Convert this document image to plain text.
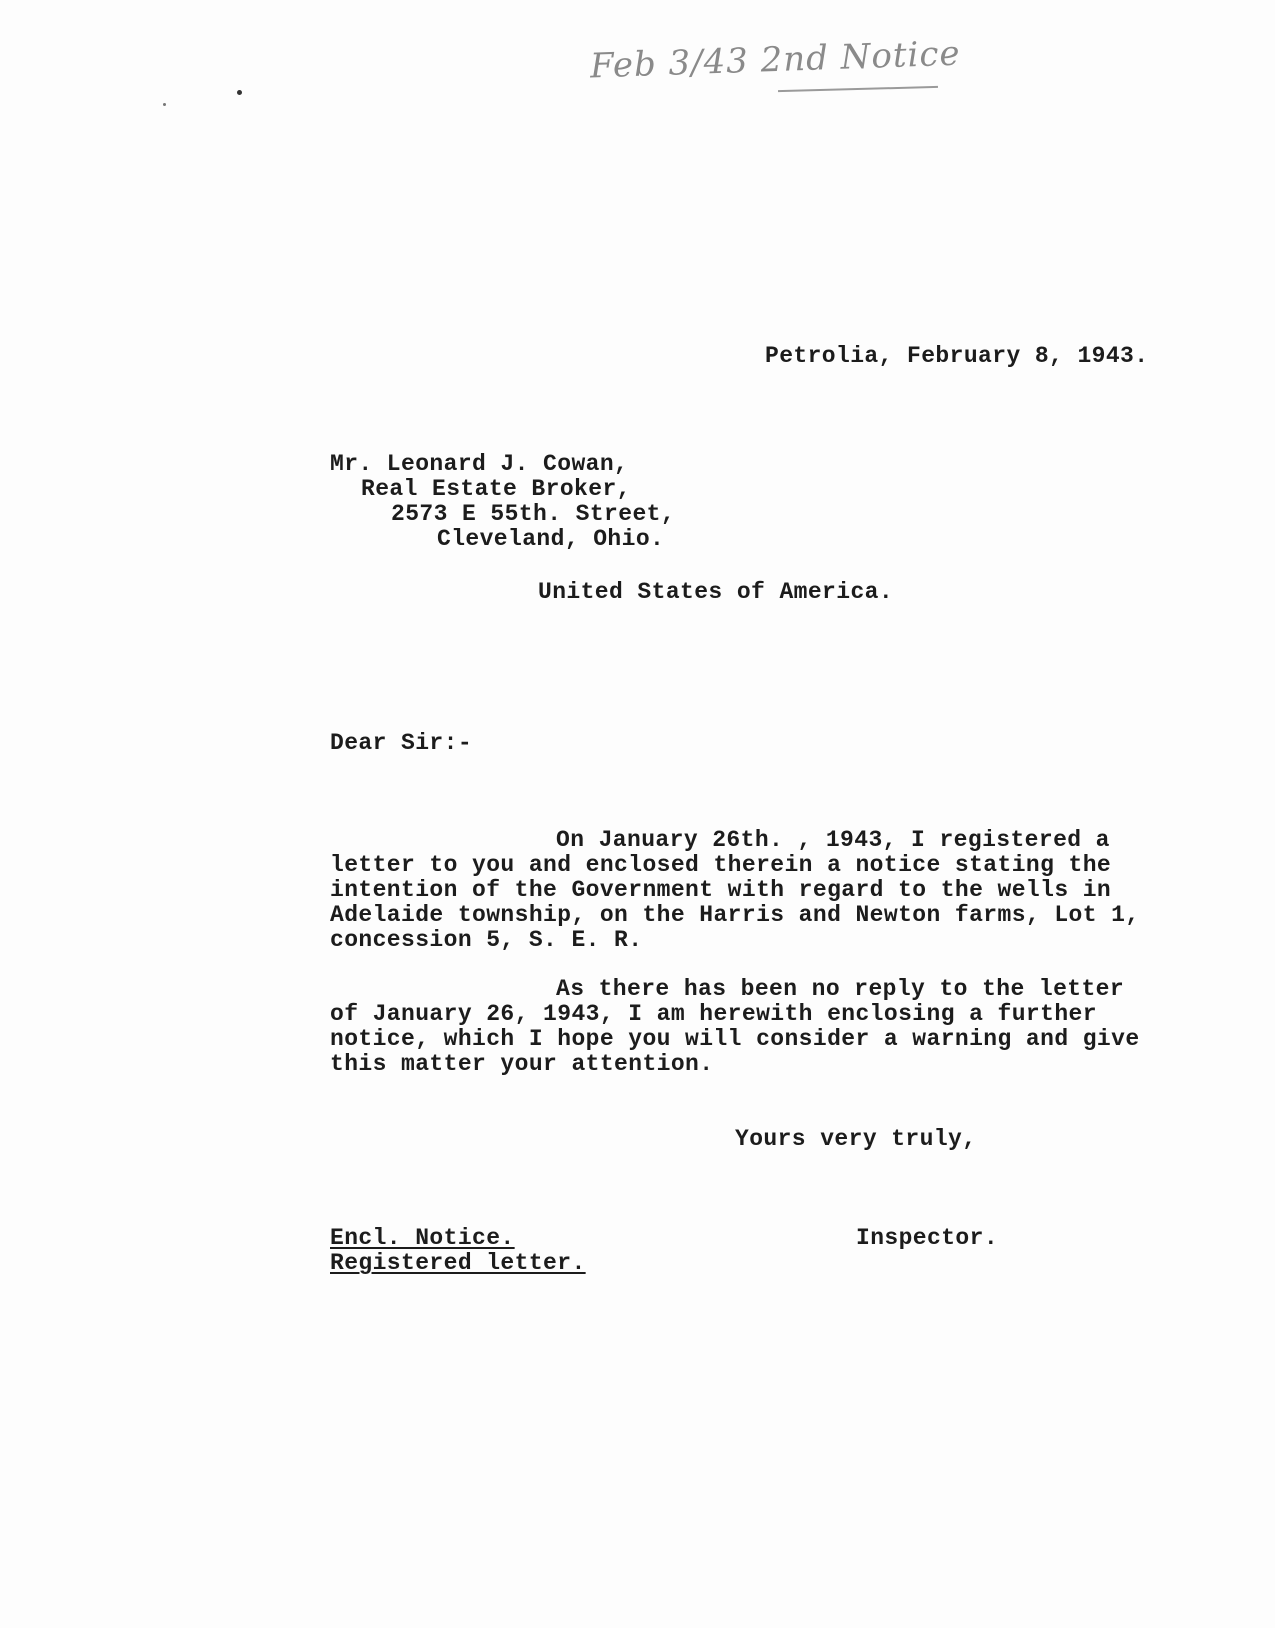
Feb 3/43 2nd Notice
Petrolia, February 8, 1943.
Mr. Leonard J. Cowan,
Real Estate Broker,
2573 E 55th. Street,
Cleveland, Ohio.
United States of America.
Dear Sir:-
On January 26th. , 1943, I registered a
letter to you and enclosed therein a notice stating the
intention of the Government with regard to the wells in
Adelaide township, on the Harris and Newton farms, Lot 1,
concession 5, S. E. R.
As there has been no reply to the letter
of January 26, 1943, I am herewith enclosing a further
notice, which I hope you will consider a warning and give
this matter your attention.
Yours very truly,
Inspector.
Encl. Notice.
Registered letter.
